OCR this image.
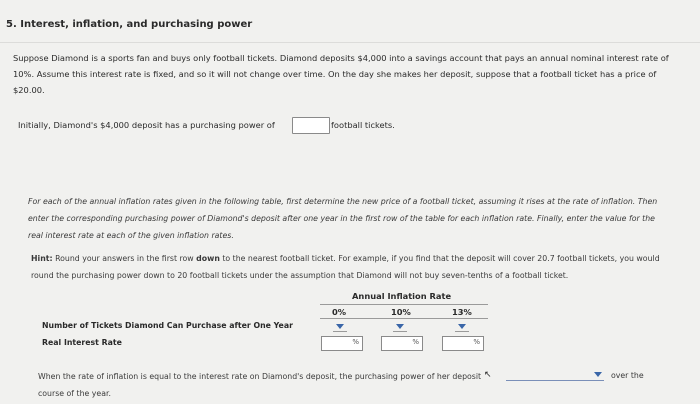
5. Interest, inflation, and purchasing power
Suppose Diamond is a sports fan and buys only football tickets. Diamond deposits $4,000 into a savings account that pays an annual nominal interest rate of 10%. Assume this interest rate is fixed, and so it will not change over time. On the day she makes her deposit, suppose that a football ticket has a price of $20.00.
Initially, Diamond's $4,000 deposit has a purchasing power of	football tickets.
For each of the annual inflation rates given in the following table, first determine the new price of a football ticket, assuming it rises at the rate of inflation. Then enter the corresponding purchasing power of Diamond's deposit after one year in the first row of the table for each inflation rate. Finally, enter the value for the real interest rate at each of the given inflation rates.
Hint: Round your answers in the first row down to the nearest football ticket. For example, if you find that the deposit will cover 20.7 football tickets, you would round the purchasing power down to 20 football tickets under the assumption that Diamond will not buy seven-tenths of a football ticket.
Annual Inflation Rate
0%	10%	13%
Number of Tickets Diamond Can Purchase after One Year
Real Interest Rate	%	%	%
When the rate of inflation is equal to the interest rate on Diamond's deposit, the purchasing power of her deposit
course of the year.
over the
↖
